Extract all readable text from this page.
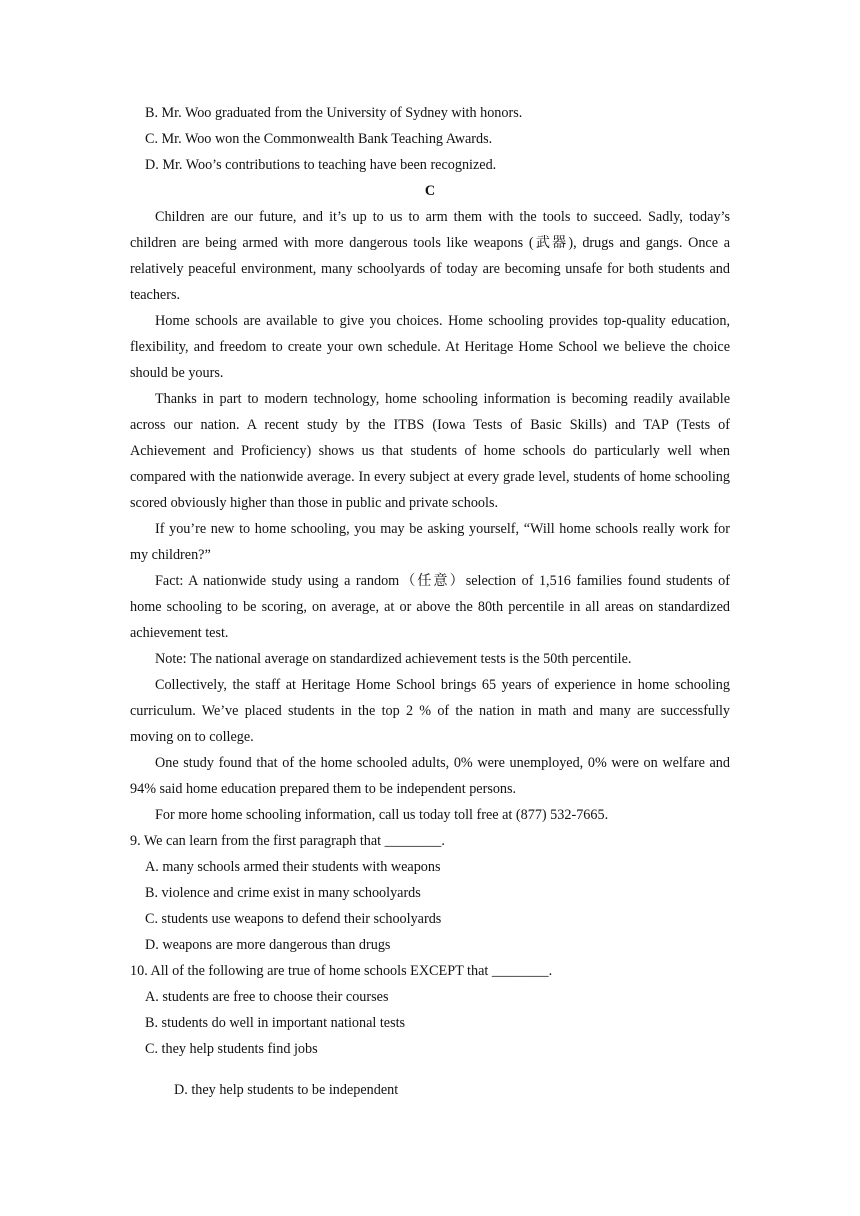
B. Mr. Woo graduated from the University of Sydney with honors.
C. Mr. Woo won the Commonwealth Bank Teaching Awards.
D. Mr. Woo’s contributions to teaching have been recognized.
C
Children are our future, and it’s up to us to arm them with the tools to succeed. Sadly, today’s children are being armed with more dangerous tools like weapons (武器), drugs and gangs. Once a relatively peaceful environment, many schoolyards of today are becoming unsafe for both students and teachers.
Home schools are available to give you choices. Home schooling provides top-quality education, flexibility, and freedom to create your own schedule. At Heritage Home School we believe the choice should be yours.
Thanks in part to modern technology, home schooling information is becoming readily available across our nation. A recent study by the ITBS (Iowa Tests of Basic Skills) and TAP (Tests of Achievement and Proficiency) shows us that students of home schools do particularly well when compared with the nationwide average. In every subject at every grade level, students of home schooling scored obviously higher than those in public and private schools.
If you’re new to home schooling, you may be asking yourself, “Will home schools really work for my children?”
Fact: A nationwide study using a random（任意）selection of 1,516 families found students of home schooling to be scoring, on average, at or above the 80th percentile in all areas on standardized achievement test.
Note: The national average on standardized achievement tests is the 50th percentile.
Collectively, the staff at Heritage Home School brings 65 years of experience in home schooling curriculum. We’ve placed students in the top 2 % of the nation in math and many are successfully moving on to college.
One study found that of the home schooled adults, 0% were unemployed, 0% were on welfare and 94% said home education prepared them to be independent persons.
For more home schooling information, call us today toll free at (877) 532-7665.
9. We can learn from the first paragraph that ________.
A. many schools armed their students with weapons
B. violence and crime exist in many schoolyards
C. students use weapons to defend their schoolyards
D. weapons are more dangerous than drugs
10. All of the following are true of home schools EXCEPT that ________.
A. students are free to choose their courses
B. students do well in important national tests
C. they help students find jobs
D. they help students to be independent
